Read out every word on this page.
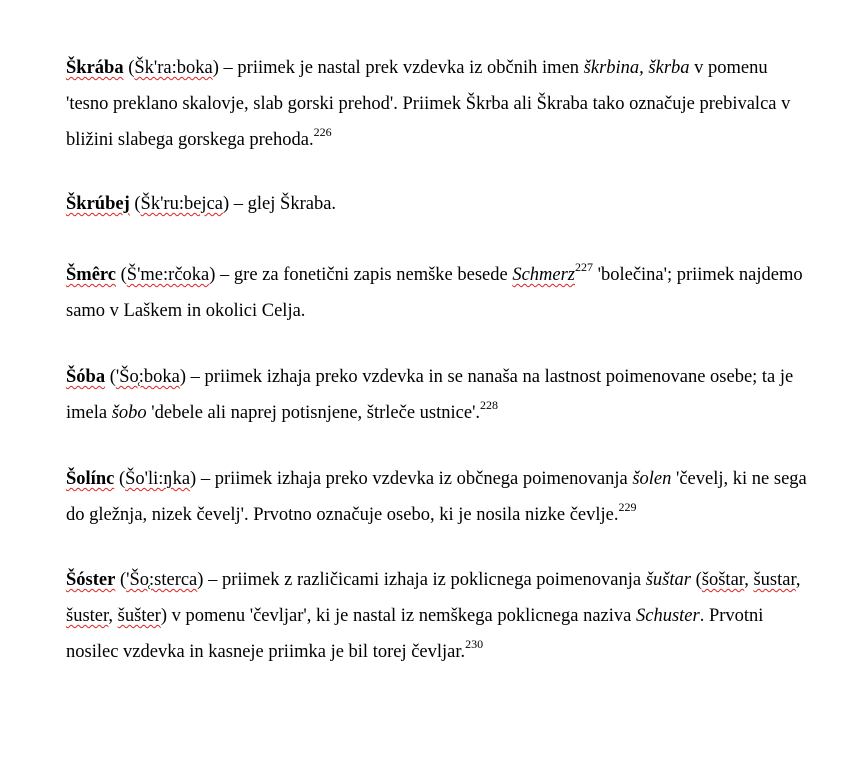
Škrába (Šk'ra:boka) – priimek je nastal prek vzdevka iz občnih imen škrbina, škrba v pomenu 'tesno preklano skalovje, slab gorski prehod'. Priimek Škrba ali Škraba tako označuje prebivalca v bližini slabega gorskega prehoda.$^{226}$

Škrúbej (Šk'ru:bejca) – glej Škraba.

Šmêrc (Š'me:rčoka) – gre za fonetični zapis nemške besede Schmerz$^{227}$ 'bolečina'; priimek najdemo samo v Laškem in okolici Celja.

Šóba ('Šo̜:boka) – priimek izhaja preko vzdevka in se nanaša na lastnost poimenovane osebe; ta je imela šobo 'debele ali naprej potisnjene, štrleče ustnice'.$^{228}$

Šolínc (Šo'li:ŋka) – priimek izhaja preko vzdevka iz občnega poimenovanja šolen 'čevelj, ki ne sega do gležnja, nizek čevelj'. Prvotno označuje osebo, ki je nosila nizke čevlje.$^{229}$

Šóster ('Šo̜:sterca) – priimek z različicami izhaja iz poklicnega poimenovanja šuštar (šoštar, šustar, šuster, šušter) v pomenu 'čevljar', ki je nastal iz nemškega poklicnega naziva Schuster. Prvotni nosilec vzdevka in kasneje priimka je bil torej čevljar.$^{230}$
